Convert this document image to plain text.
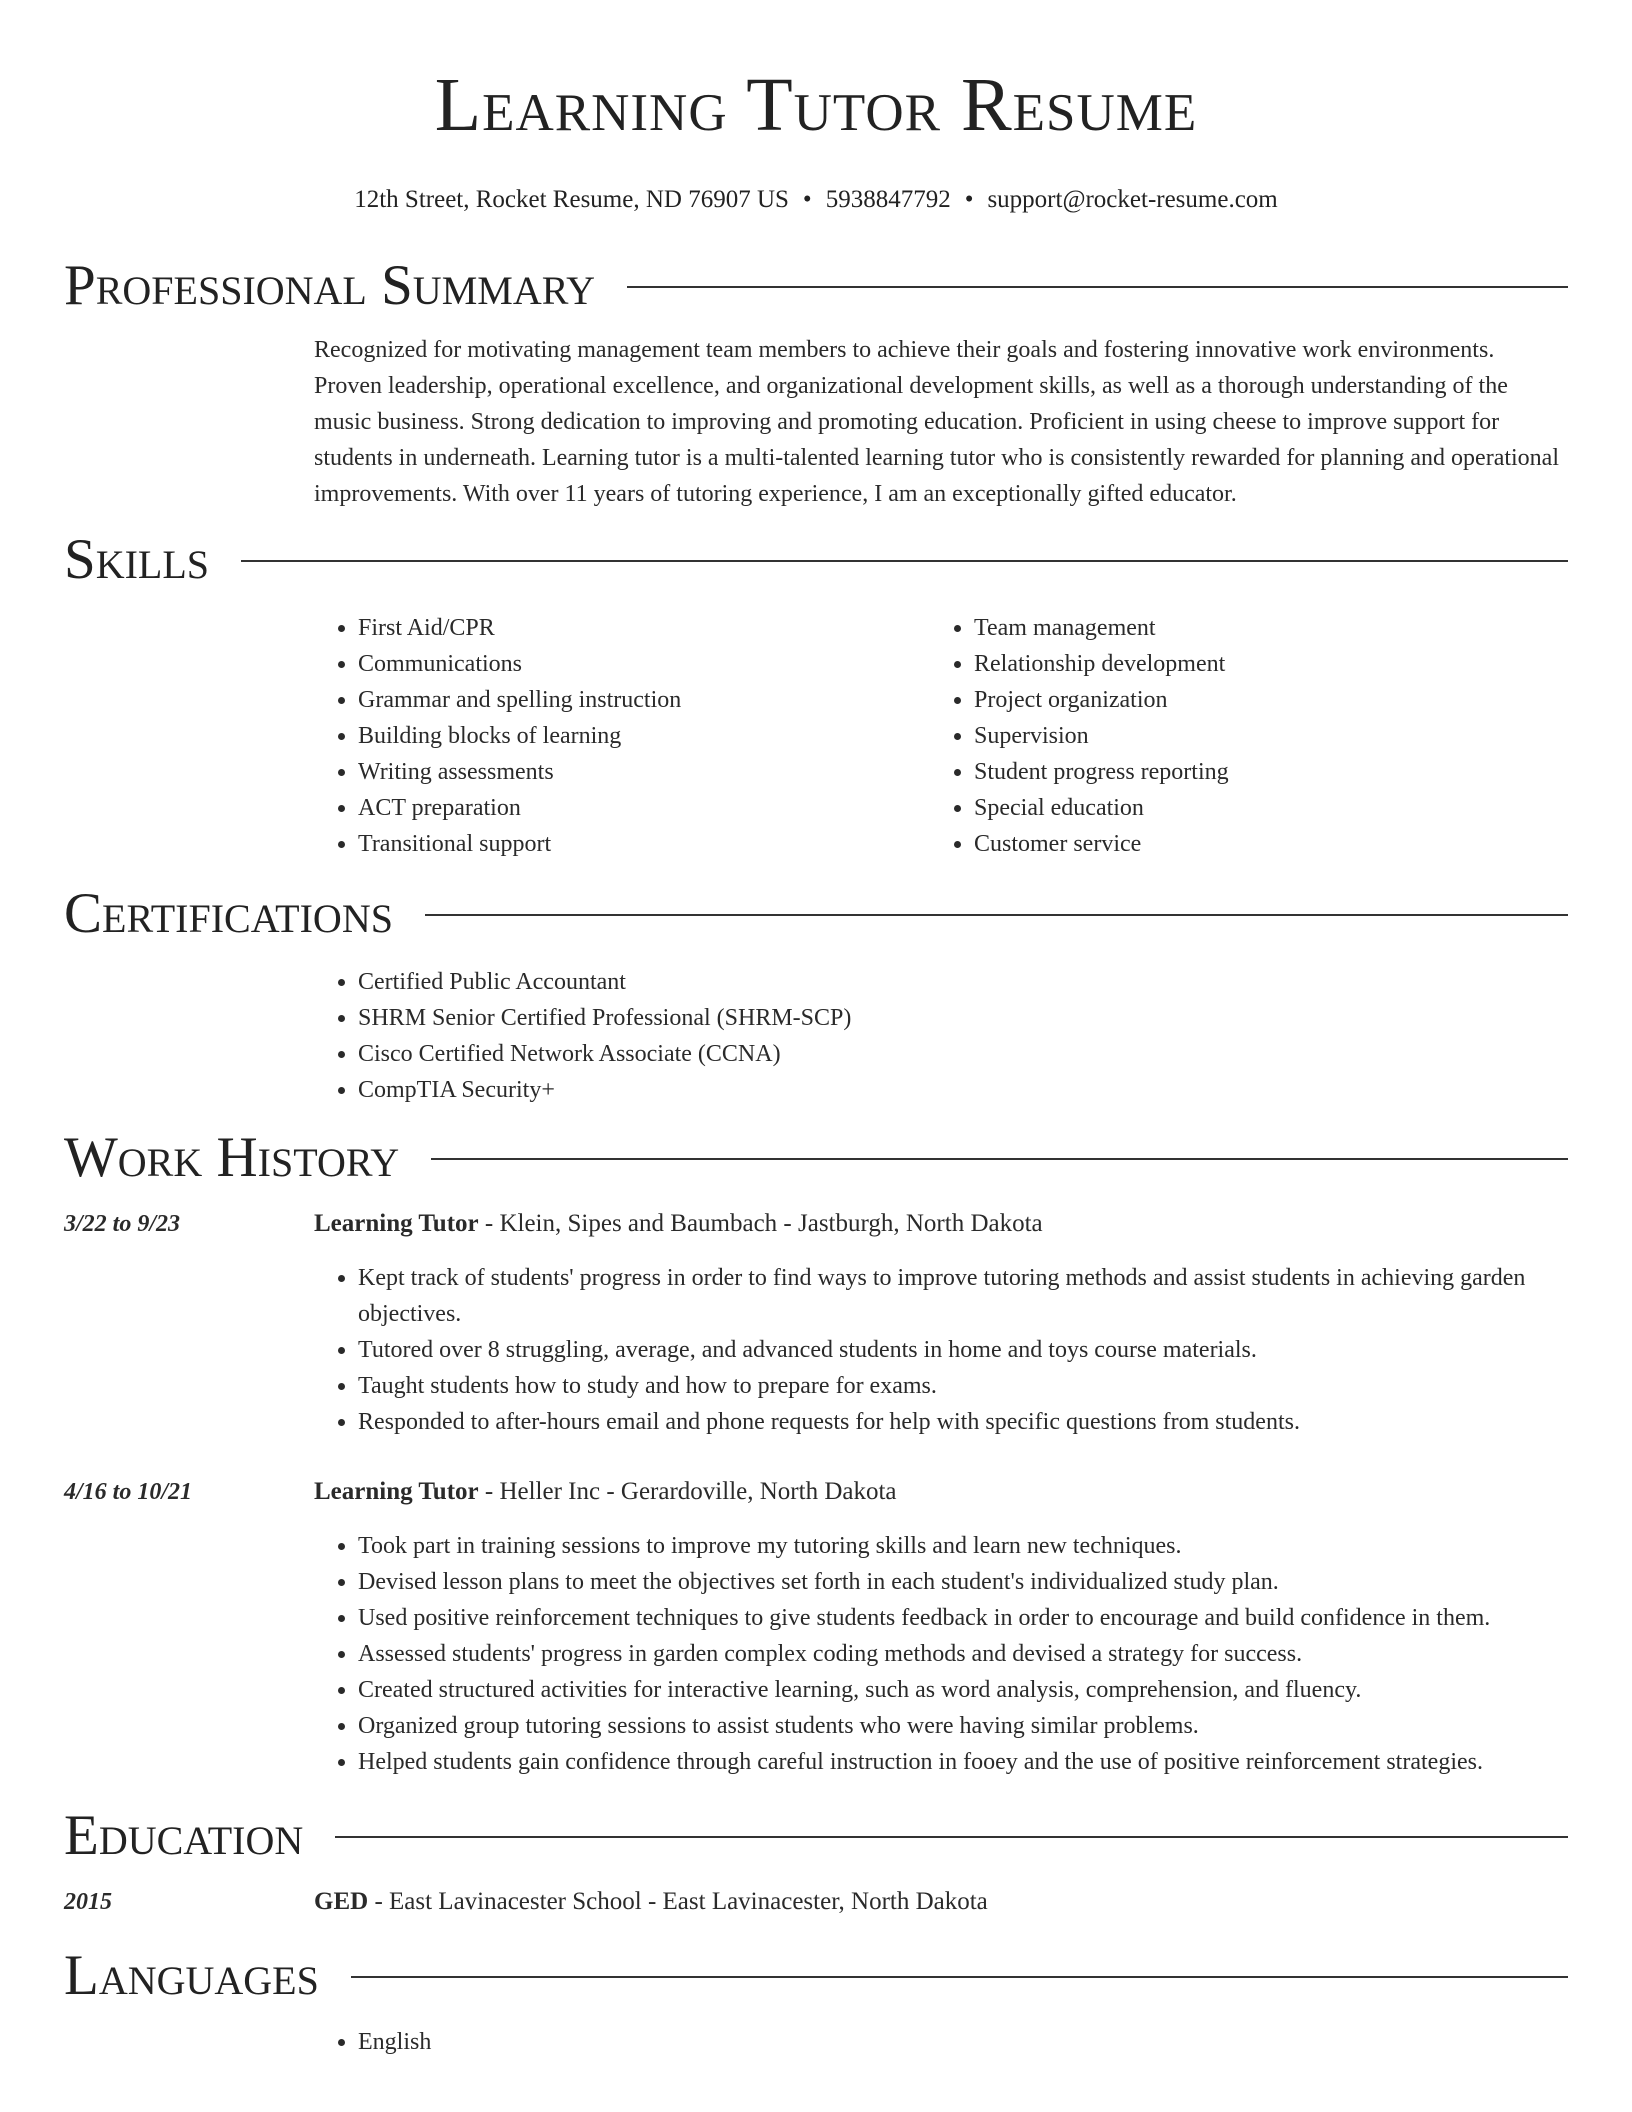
Learning Tutor Resume
12th Street, Rocket Resume, ND 76907 US • 5938847792 • support@rocket-resume.com
Professional Summary
Recognized for motivating management team members to achieve their goals and fostering innovative work environments. Proven leadership, operational excellence, and organizational development skills, as well as a thorough understanding of the music business. Strong dedication to improving and promoting education. Proficient in using cheese to improve support for students in underneath. Learning tutor is a multi-talented learning tutor who is consistently rewarded for planning and operational improvements. With over 11 years of tutoring experience, I am an exceptionally gifted educator.
Skills
• First Aid/CPR
• Communications
• Grammar and spelling instruction
• Building blocks of learning
• Writing assessments
• ACT preparation
• Transitional support
• Team management
• Relationship development
• Project organization
• Supervision
• Student progress reporting
• Special education
• Customer service
Certifications
• Certified Public Accountant
• SHRM Senior Certified Professional (SHRM-SCP)
• Cisco Certified Network Associate (CCNA)
• CompTIA Security+
Work History
3/22 to 9/23	Learning Tutor - Klein, Sipes and Baumbach - Jastburgh, North Dakota
• Kept track of students' progress in order to find ways to improve tutoring methods and assist students in achieving garden objectives.
• Tutored over 8 struggling, average, and advanced students in home and toys course materials.
• Taught students how to study and how to prepare for exams.
• Responded to after-hours email and phone requests for help with specific questions from students.
4/16 to 10/21	Learning Tutor - Heller Inc - Gerardoville, North Dakota
• Took part in training sessions to improve my tutoring skills and learn new techniques.
• Devised lesson plans to meet the objectives set forth in each student's individualized study plan.
• Used positive reinforcement techniques to give students feedback in order to encourage and build confidence in them.
• Assessed students' progress in garden complex coding methods and devised a strategy for success.
• Created structured activities for interactive learning, such as word analysis, comprehension, and fluency.
• Organized group tutoring sessions to assist students who were having similar problems.
• Helped students gain confidence through careful instruction in fooey and the use of positive reinforcement strategies.
Education
2015	GED - East Lavinacester School - East Lavinacester, North Dakota
Languages
• English
